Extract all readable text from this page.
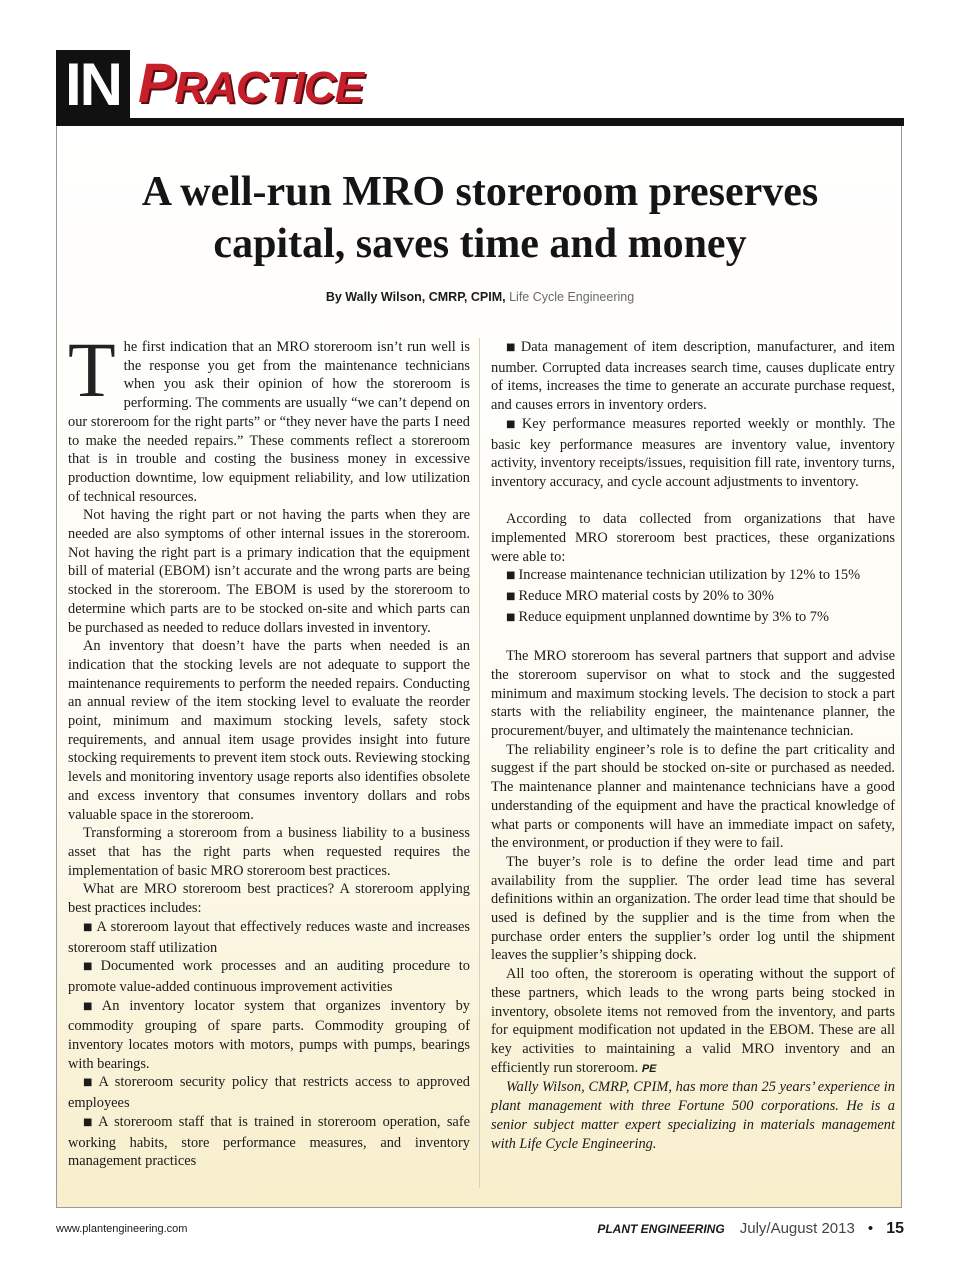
IN PRACTICE
A well-run MRO storeroom preserves
capital, saves time and money
By Wally Wilson, CMRP, CPIM, Life Cycle Engineering

The first indication that an MRO storeroom isn’t run well is the response you get from the maintenance technicians when you ask their opinion of how the storeroom is performing. The comments are usually “we can’t depend on our storeroom for the right parts” or “they never have the parts I need to make the needed repairs.” These comments reflect a storeroom that is in trouble and costing the business money in excessive production downtime, low equipment reliability, and low utilization of technical resources.

Not having the right part or not having the parts when they are needed are also symptoms of other internal issues in the storeroom. Not having the right part is a primary indication that the equipment bill of material (EBOM) isn’t accurate and the wrong parts are being stocked in the storeroom. The EBOM is used by the storeroom to determine which parts are to be stocked on-site and which parts can be purchased as needed to reduce dollars invested in inventory.

An inventory that doesn’t have the parts when needed is an indication that the stocking levels are not adequate to support the maintenance requirements to perform the needed repairs. Conducting an annual review of the item stocking level to evaluate the reorder point, minimum and maximum stocking levels, safety stock requirements, and annual item usage provides insight into future stocking requirements to prevent item stock outs. Reviewing stocking levels and monitoring inventory usage reports also identifies obsolete and excess inventory that consumes inventory dollars and robs valuable space in the storeroom.

Transforming a storeroom from a business liability to a business asset that has the right parts when requested requires the implementation of basic MRO storeroom best practices.

What are MRO storeroom best practices? A storeroom applying best practices includes:

■ A storeroom layout that effectively reduces waste and increases storeroom staff utilization

■ Documented work processes and an auditing procedure to promote value-added continuous improvement activities

■ An inventory locator system that organizes inventory by commodity grouping of spare parts. Commodity grouping of inventory locates motors with motors, pumps with pumps, bearings with bearings.

■ A storeroom security policy that restricts access to approved employees

■ A storeroom staff that is trained in storeroom operation, safe working habits, store performance measures, and inventory management practices

■ Data management of item description, manufacturer, and item number. Corrupted data increases search time, causes duplicate entry of items, increases the time to generate an accurate purchase request, and causes errors in inventory orders.

■ Key performance measures reported weekly or monthly. The basic key performance measures are inventory value, inventory activity, inventory receipts/issues, requisition fill rate, inventory turns, inventory accuracy, and cycle account adjustments to inventory.

According to data collected from organizations that have implemented MRO storeroom best practices, these organizations were able to:

■ Increase maintenance technician utilization by 12% to 15%

■ Reduce MRO material costs by 20% to 30%

■ Reduce equipment unplanned downtime by 3% to 7%

The MRO storeroom has several partners that support and advise the storeroom supervisor on what to stock and the suggested minimum and maximum stocking levels. The decision to stock a part starts with the reliability engineer, the maintenance planner, the procurement/buyer, and ultimately the maintenance technician.

The reliability engineer’s role is to define the part criticality and suggest if the part should be stocked on-site or purchased as needed. The maintenance planner and maintenance technicians have a good understanding of the equipment and have the practical knowledge of what parts or components will have an immediate impact on safety, the environment, or production if they were to fail.

The buyer’s role is to define the order lead time and part availability from the supplier. The order lead time has several definitions within an organization. The order lead time that should be used is defined by the supplier and is the time from when the purchase order enters the supplier’s order log until the shipment leaves the supplier’s shipping dock.

All too often, the storeroom is operating without the support of these partners, which leads to the wrong parts being stocked in inventory, obsolete items not removed from the inventory, and parts for equipment modification not updated in the EBOM. These are all key activities to maintaining a valid MRO inventory and an efficiently run storeroom. PE

Wally Wilson, CMRP, CPIM, has more than 25 years’ experience in plant management with three Fortune 500 corporations. He is a senior subject matter expert specializing in materials management with Life Cycle Engineering.

www.plantengineering.com	PLANT ENGINEERING July/August 2013 • 15
